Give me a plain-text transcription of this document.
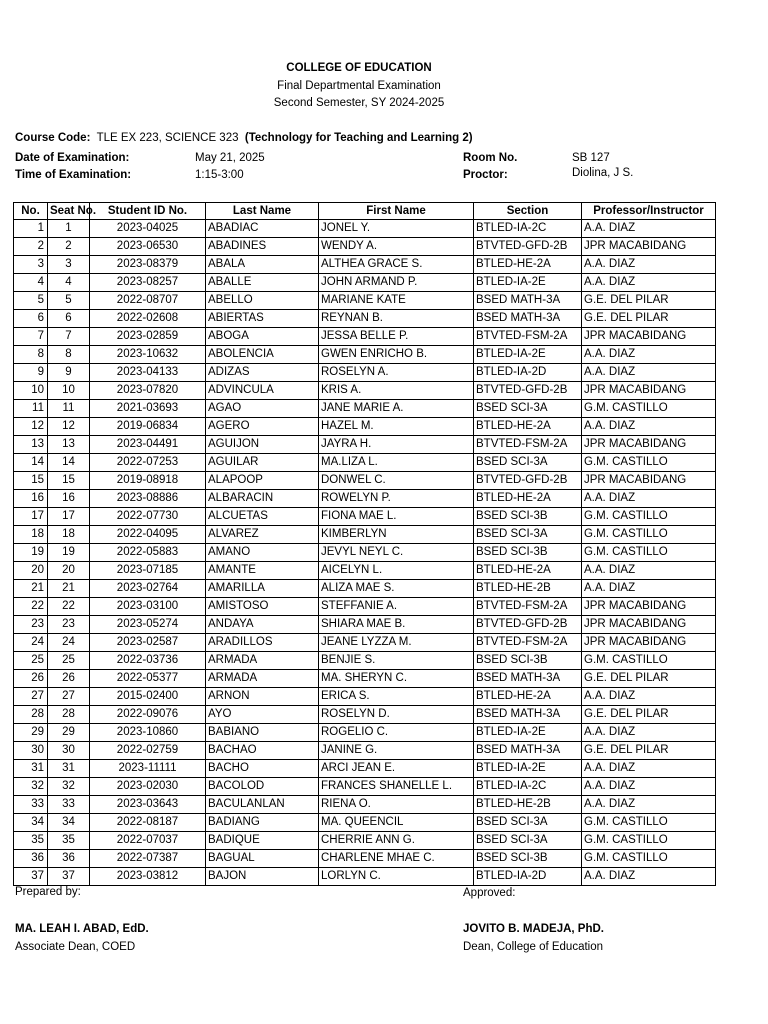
COLLEGE OF EDUCATION
Final Departmental Examination
Second Semester, SY 2024-2025
Course Code: TLE EX 223, SCIENCE 323 (Technology for Teaching and Learning 2)
Date of Examination:	May 21, 2025
Time of Examination:	1:15-3:00
Room No.	SB 127
Proctor:	Diolina, J S.
No.	Seat No.	Student ID No.	Last Name	First Name	Section	Professor/Instructor
1	1	2023-04025	ABADIAC	JONEL Y.	BTLED-IA-2C	A.A. DIAZ
2	2	2023-06530	ABADINES	WENDY A.	BTVTED-GFD-2B	JPR MACABIDANG
3	3	2023-08379	ABALA	ALTHEA GRACE S.	BTLED-HE-2A	A.A. DIAZ
4	4	2023-08257	ABALLE	JOHN ARMAND P.	BTLED-IA-2E	A.A. DIAZ
5	5	2022-08707	ABELLO	MARIANE KATE	BSED MATH-3A	G.E. DEL PILAR
6	6	2022-02608	ABIERTAS	REYNAN B.	BSED MATH-3A	G.E. DEL PILAR
7	7	2023-02859	ABOGA	JESSA BELLE P.	BTVTED-FSM-2A	JPR MACABIDANG
8	8	2023-10632	ABOLENCIA	GWEN ENRICHO B.	BTLED-IA-2E	A.A. DIAZ
9	9	2023-04133	ADIZAS	ROSELYN A.	BTLED-IA-2D	A.A. DIAZ
10	10	2023-07820	ADVINCULA	KRIS A.	BTVTED-GFD-2B	JPR MACABIDANG
11	11	2021-03693	AGAO	JANE MARIE A.	BSED SCI-3A	G.M. CASTILLO
12	12	2019-06834	AGERO	HAZEL M.	BTLED-HE-2A	A.A. DIAZ
13	13	2023-04491	AGUIJON	JAYRA H.	BTVTED-FSM-2A	JPR MACABIDANG
14	14	2022-07253	AGUILAR	MA.LIZA L.	BSED SCI-3A	G.M. CASTILLO
15	15	2019-08918	ALAPOOP	DONWEL C.	BTVTED-GFD-2B	JPR MACABIDANG
16	16	2023-08886	ALBARACIN	ROWELYN P.	BTLED-HE-2A	A.A. DIAZ
17	17	2022-07730	ALCUETAS	FIONA MAE L.	BSED SCI-3B	G.M. CASTILLO
18	18	2022-04095	ALVAREZ	KIMBERLYN	BSED SCI-3A	G.M. CASTILLO
19	19	2022-05883	AMANO	JEVYL NEYL C.	BSED SCI-3B	G.M. CASTILLO
20	20	2023-07185	AMANTE	AICELYN L.	BTLED-HE-2A	A.A. DIAZ
21	21	2023-02764	AMARILLA	ALIZA MAE S.	BTLED-HE-2B	A.A. DIAZ
22	22	2023-03100	AMISTOSO	STEFFANIE A.	BTVTED-FSM-2A	JPR MACABIDANG
23	23	2023-05274	ANDAYA	SHIARA MAE B.	BTVTED-GFD-2B	JPR MACABIDANG
24	24	2023-02587	ARADILLOS	JEANE LYZZA M.	BTVTED-FSM-2A	JPR MACABIDANG
25	25	2022-03736	ARMADA	BENJIE S.	BSED SCI-3B	G.M. CASTILLO
26	26	2022-05377	ARMADA	MA. SHERYN C.	BSED MATH-3A	G.E. DEL PILAR
27	27	2015-02400	ARNON	ERICA S.	BTLED-HE-2A	A.A. DIAZ
28	28	2022-09076	AYO	ROSELYN D.	BSED MATH-3A	G.E. DEL PILAR
29	29	2023-10860	BABIANO	ROGELIO C.	BTLED-IA-2E	A.A. DIAZ
30	30	2022-02759	BACHAO	JANINE G.	BSED MATH-3A	G.E. DEL PILAR
31	31	2023-11111	BACHO	ARCI JEAN E.	BTLED-IA-2E	A.A. DIAZ
32	32	2023-02030	BACOLOD	FRANCES SHANELLE L.	BTLED-IA-2C	A.A. DIAZ
33	33	2023-03643	BACULANLAN	RIENA O.	BTLED-HE-2B	A.A. DIAZ
34	34	2022-08187	BADIANG	MA. QUEENCIL	BSED SCI-3A	G.M. CASTILLO
35	35	2022-07037	BADIQUE	CHERRIE ANN G.	BSED SCI-3A	G.M. CASTILLO
36	36	2022-07387	BAGUAL	CHARLENE MHAE C.	BSED SCI-3B	G.M. CASTILLO
37	37	2023-03812	BAJON	LORLYN C.	BTLED-IA-2D	A.A. DIAZ
Prepared by:	Approved:
MA. LEAH I. ABAD, EdD.
Associate Dean, COED
JOVITO B. MADEJA, PhD.
Dean, College of Education
